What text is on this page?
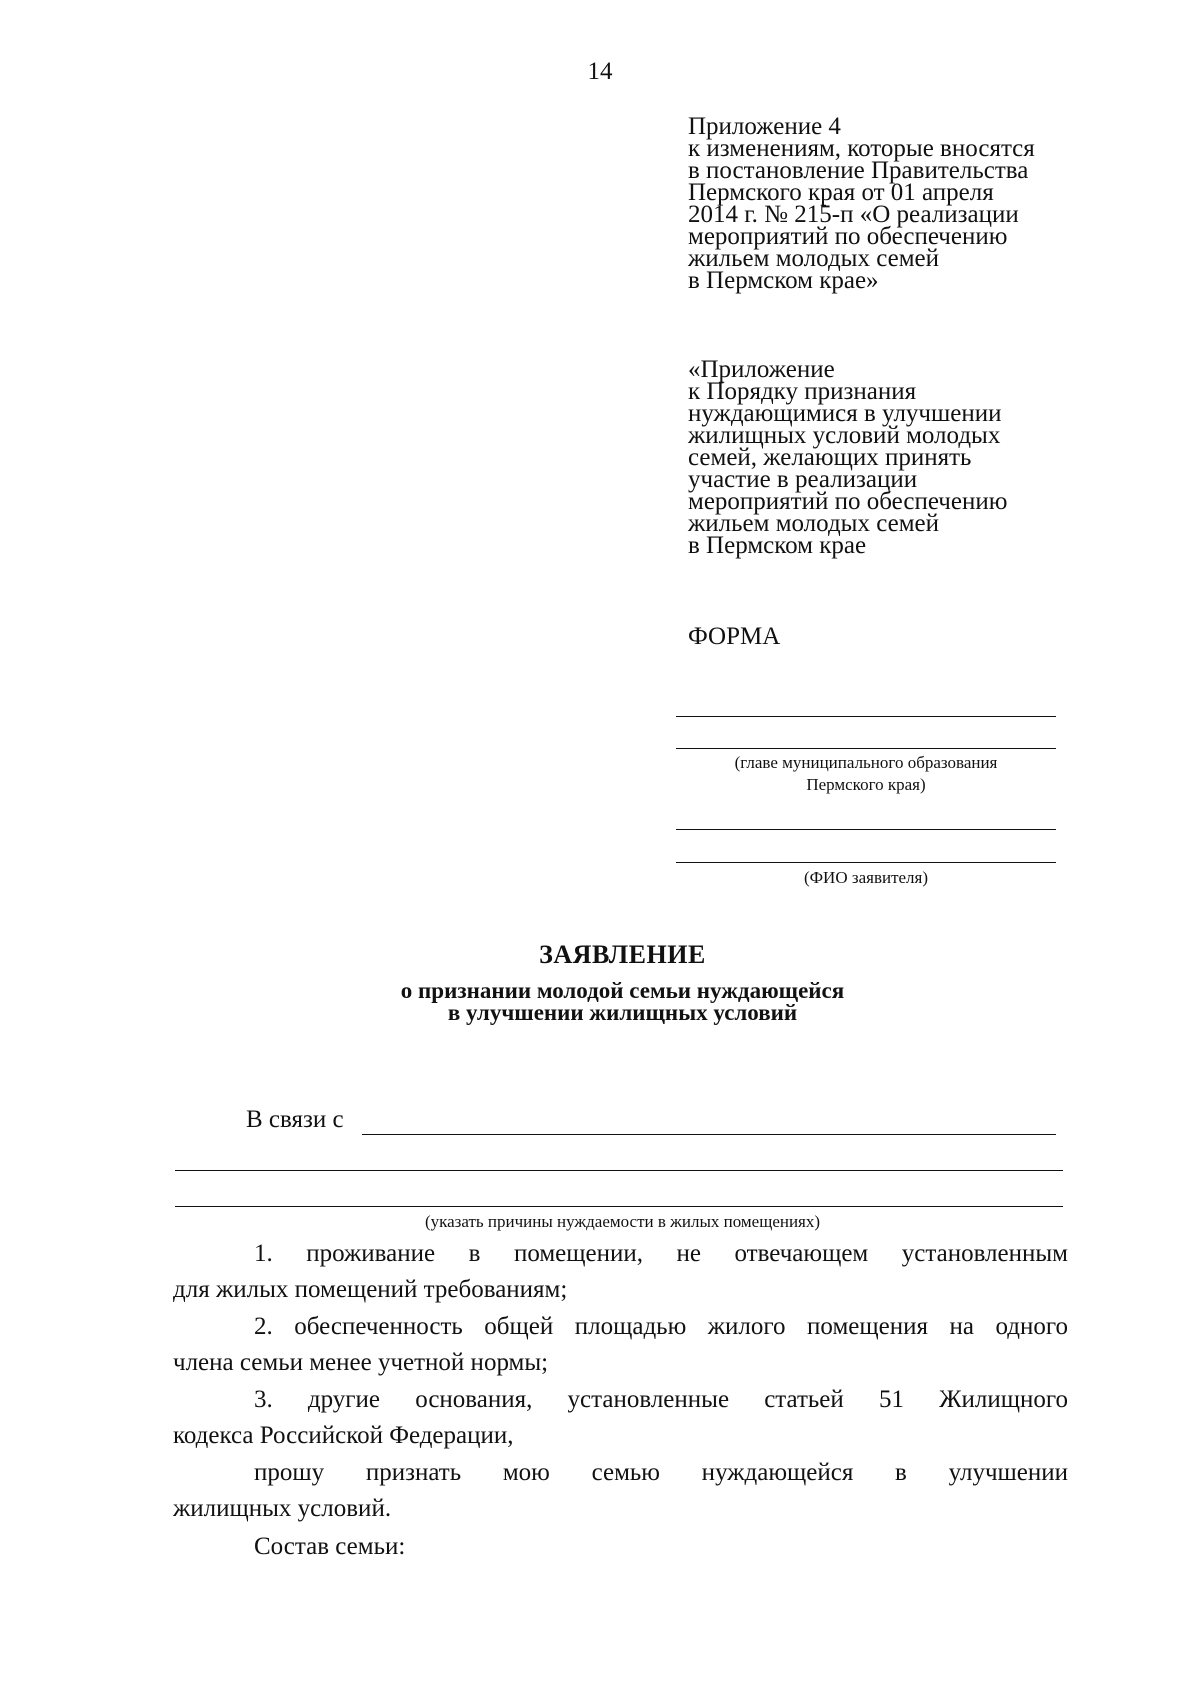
14
Приложение 4
к изменениям, которые вносятся
в постановление Правительства
Пермского края от 01 апреля
2014 г. № 215-п «О реализации
мероприятий по обеспечению
жильем молодых семей
в Пермском крае»
«Приложение
к Порядку признания
нуждающимися в улучшении
жилищных условий молодых
семей, желающих принять
участие в реализации
мероприятий по обеспечению
жильем молодых семей
в Пермском крае
ФОРМА
(главе муниципального образования
Пермского края)
(ФИО заявителя)
ЗАЯВЛЕНИЕ
о признании молодой семьи нуждающейся
в улучшении жилищных условий
В связи с
(указать причины нуждаемости в жилых помещениях)
1. проживание в помещении, не отвечающем установленным
для жилых помещений требованиям;
2. обеспеченность общей площадью жилого помещения на одного
члена семьи менее учетной нормы;
3. другие основания, установленные статьей 51 Жилищного
кодекса Российской Федерации,
прошу признать мою семью нуждающейся в улучшении
жилищных условий.
Состав семьи:
